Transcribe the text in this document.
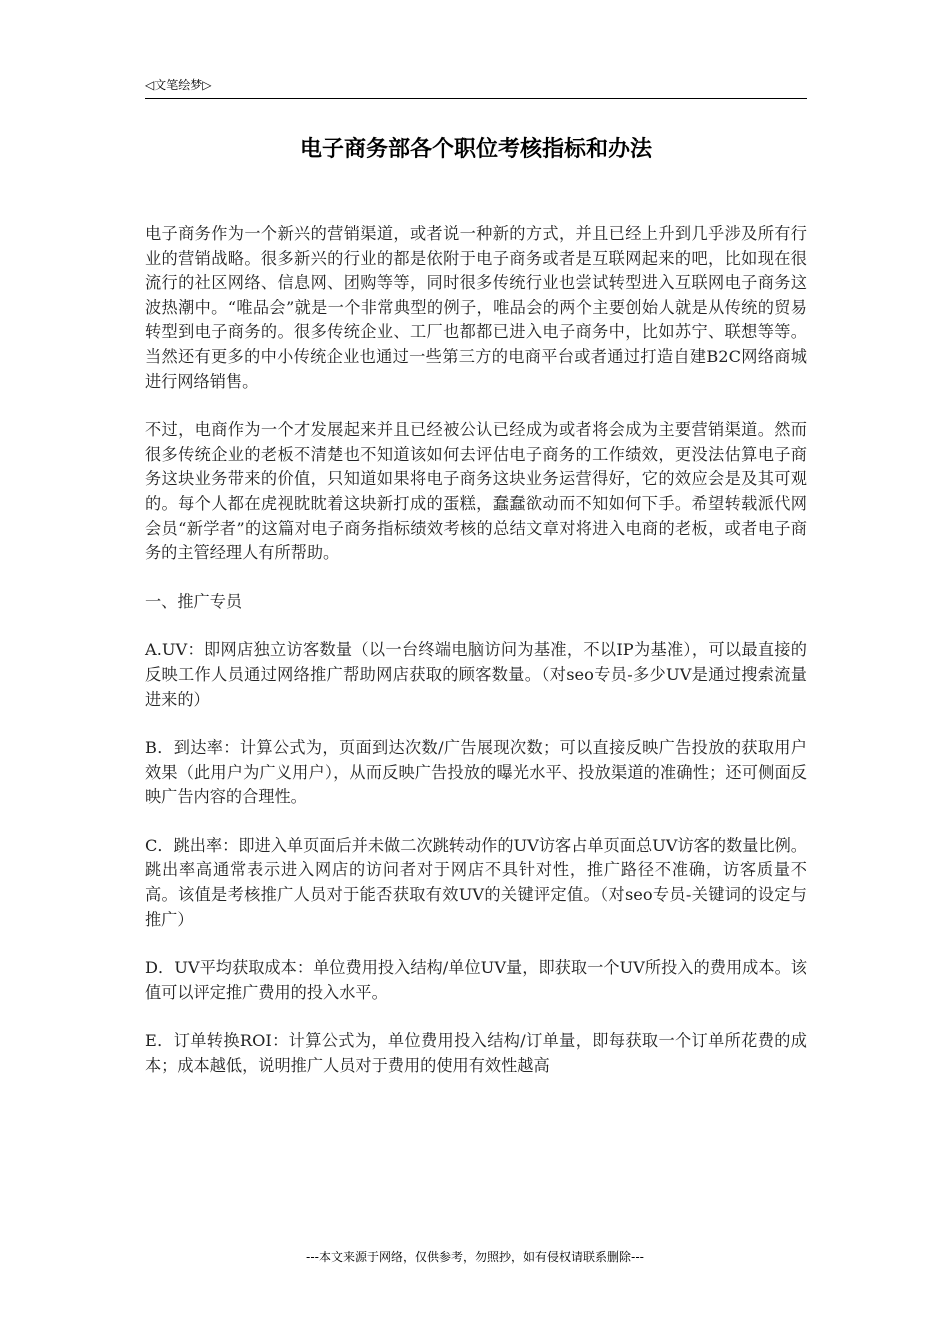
◁文笔绘梦▷
电子商务部各个职位考核指标和办法

电子商务作为一个新兴的营销渠道，或者说一种新的方式，并且已经上升到几乎涉及所有行业的营销战略。很多新兴的行业的都是依附于电子商务或者是互联网起来的吧，比如现在很流行的社区网络、信息网、团购等等，同时很多传统行业也尝试转型进入互联网电子商务这波热潮中。“唯品会”就是一个非常典型的例子，唯品会的两个主要创始人就是从传统的贸易转型到电子商务的。很多传统企业、工厂也都都已进入电子商务中，比如苏宁、联想等等。当然还有更多的中小传统企业也通过一些第三方的电商平台或者通过打造自建B2C网络商城进行网络销售。

不过，电商作为一个才发展起来并且已经被公认已经成为或者将会成为主要营销渠道。然而很多传统企业的老板不清楚也不知道该如何去评估电子商务的工作绩效，更没法估算电子商务这块业务带来的价值，只知道如果将电子商务这块业务运营得好，它的效应会是及其可观的。每个人都在虎视眈眈着这块新打成的蛋糕，蠢蠢欲动而不知如何下手。希望转载派代网会员“新学者”的这篇对电子商务指标绩效考核的总结文章对将进入电商的老板，或者电子商务的主管经理人有所帮助。

一、推广专员

A.UV：即网店独立访客数量（以一台终端电脑访问为基准，不以IP为基准），可以最直接的反映工作人员通过网络推广帮助网店获取的顾客数量。（对seo专员-多少UV是通过搜索流量进来的）

B．到达率：计算公式为，页面到达次数/广告展现次数；可以直接反映广告投放的获取用户效果（此用户为广义用户），从而反映广告投放的曝光水平、投放渠道的准确性；还可侧面反映广告内容的合理性。

C．跳出率：即进入单页面后并未做二次跳转动作的UV访客占单页面总UV访客的数量比例。跳出率高通常表示进入网店的访问者对于网店不具针对性，推广路径不准确，访客质量不高。该值是考核推广人员对于能否获取有效UV的关键评定值。（对seo专员-关键词的设定与推广）

D．UV平均获取成本：单位费用投入结构/单位UV量，即获取一个UV所投入的费用成本。该值可以评定推广费用的投入水平。

E．订单转换ROI：计算公式为，单位费用投入结构/订单量，即每获取一个订单所花费的成本；成本越低，说明推广人员对于费用的使用有效性越高

---本文来源于网络，仅供参考，勿照抄，如有侵权请联系删除---
